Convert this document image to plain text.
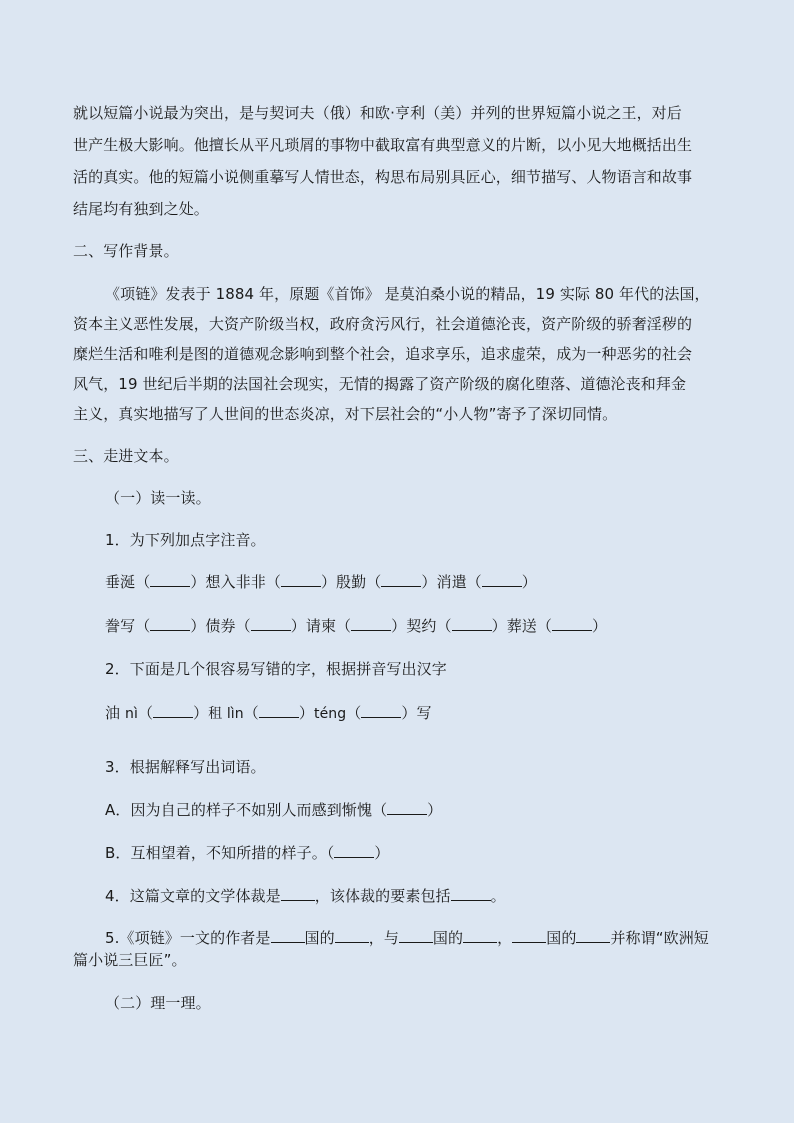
就以短篇小说最为突出，是与契诃夫（俄）和欧·亨利（美）并列的世界短篇小说之王，对后
世产生极大影响。他擅长从平凡琐屑的事物中截取富有典型意义的片断，以小见大地概括出生
活的真实。他的短篇小说侧重摹写人情世态，构思布局别具匠心，细节描写、人物语言和故事
结尾均有独到之处。
二、写作背景。
《项链》发表于 1884 年，原题《首饰》 是莫泊桑小说的精品，19 实际 80 年代的法国，
资本主义恶性发展，大资产阶级当权，政府贪污风行，社会道德沦丧，资产阶级的骄奢淫秽的
糜烂生活和唯利是图的道德观念影响到整个社会，追求享乐，追求虚荣，成为一种恶劣的社会
风气，19 世纪后半期的法国社会现实，无情的揭露了资产阶级的腐化堕落、道德沦丧和拜金
主义，真实地描写了人世间的世态炎凉，对下层社会的“小人物”寄予了深切同情。
三、走进文本。
（一）读一读。
1．为下列加点字注音。
垂涎（	）想入非非（	）殷勤（	）消遣（	）
誊写（	）债券（	）请柬（	）契约（	）葬送（	）
2．下面是几个很容易写错的字，根据拼音写出汉字
油 nì（	）租 lìn（	）téng（	）写
3．根据解释写出词语。
A．因为自己的样子不如别人而感到惭愧（	）
B．互相望着，不知所措的样子。（	）
4．这篇文章的文学体裁是 ，该体裁的要素包括	。
5.《项链》一文的作者是 国的 ，与 国的 ， 国的 并称谓“欧洲短
篇小说三巨匠”。
（二）理一理。
